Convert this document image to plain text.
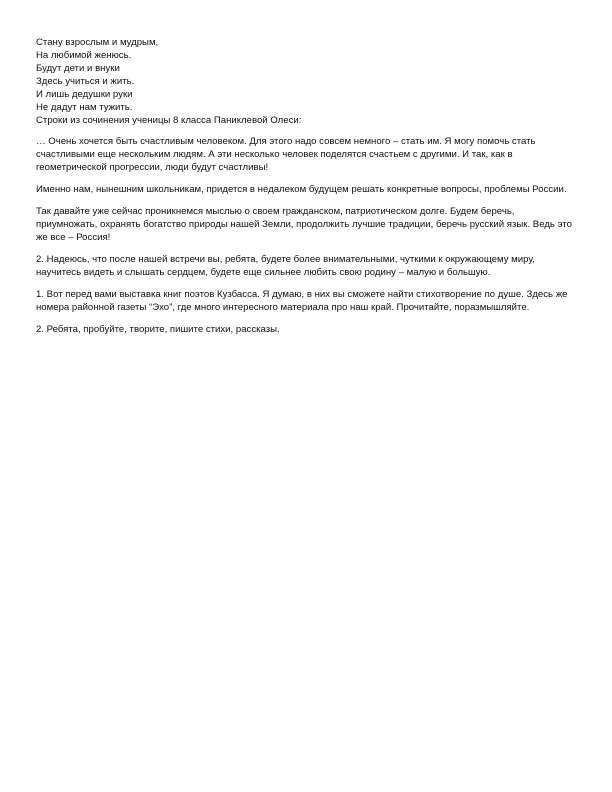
Стану взрослым и мудрым,

На любимой женюсь.

Будут дети и внуки

Здесь учиться и жить.

И лишь дедушки руки

Не дадут нам тужить.

Строки из сочинения ученицы 8 класса Паниклевой Олеси:

… Очень хочется быть счастливым человеком. Для этого надо совсем немного – стать им. Я могу помочь стать счастливыми еще нескольким людям. А эти несколько человек поделятся счастьем с другими. И так, как в геометрической прогрессии, люди будут счастливы!

Именно нам, нынешним школьникам, придется в недалеком будущем решать конкретные вопросы, проблемы России.

Так давайте уже сейчас проникнемся мыслью о своем гражданском, патриотическом долге. Будем беречь, приумножать, охранять богатство природы нашей Земли, продолжить лучшие традиции, беречь русский язык. Ведь это же все – Россия!

2. Надеюсь, что после нашей встречи вы, ребята, будете более внимательными, чуткими к окружающему миру, научитесь видеть и слышать сердцем, будете еще сильнее любить свою родину – малую и большую.

1. Вот перед вами выставка книг поэтов Кузбасса. Я думаю, в них вы сможете найти стихотворение по душе. Здесь же номера районной газеты “Эхо”, где много интересного материала про наш край. Прочитайте, поразмышляйте.

2. Ребята, пробуйте, творите, пишите стихи, рассказы.
